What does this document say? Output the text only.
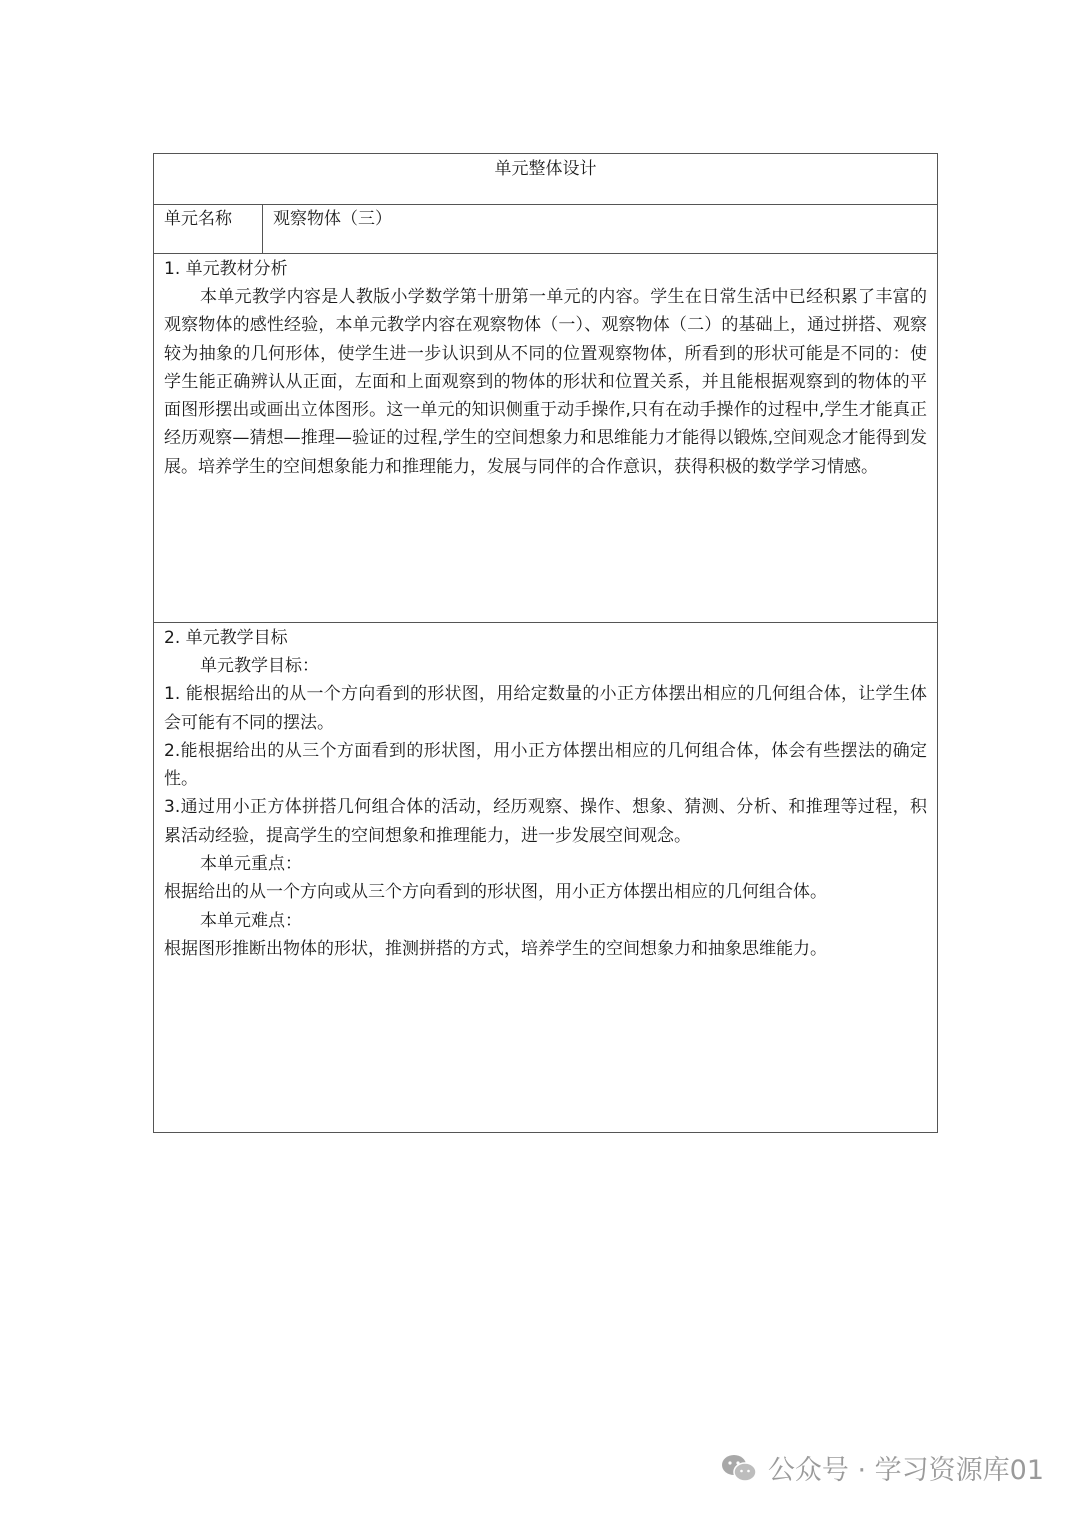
单元整体设计
单元名称	观察物体（三）

1. 单元教材分析

本单元教学内容是人教版小学数学第十册第一单元的内容。学生在日常生活中已经积累了丰富的观察物体的感性经验，本单元教学内容在观察物体（一）、观察物体（二）的基础上，通过拼搭、观察较为抽象的几何形体，使学生进一步认识到从不同的位置观察物体，所看到的形状可能是不同的：使学生能正确辨认从正面，左面和上面观察到的物体的形状和位置关系，并且能根据观察到的物体的平面图形摆出或画出立体图形。这一单元的知识侧重于动手操作,只有在动手操作的过程中,学生才能真正经历观察—猜想—推理—验证的过程,学生的空间想象力和思维能力才能得以锻炼,空间观念才能得到发展。培养学生的空间想象能力和推理能力，发展与同伴的合作意识，获得积极的数学学习情感。

2. 单元教学目标

单元教学目标：

1. 能根据给出的从一个方向看到的形状图，用给定数量的小正方体摆出相应的几何组合体，让学生体会可能有不同的摆法。

2.能根据给出的从三个方面看到的形状图，用小正方体摆出相应的几何组合体，体会有些摆法的确定性。

3.通过用小正方体拼搭几何组合体的活动，经历观察、操作、想象、猜测、分析、和推理等过程，积累活动经验，提高学生的空间想象和推理能力，进一步发展空间观念。

本单元重点：

根据给出的从一个方向或从三个方向看到的形状图，用小正方体摆出相应的几何组合体。

本单元难点：

根据图形推断出物体的形状，推测拼搭的方式，培养学生的空间想象力和抽象思维能力。

公众号 · 学习资源库01
